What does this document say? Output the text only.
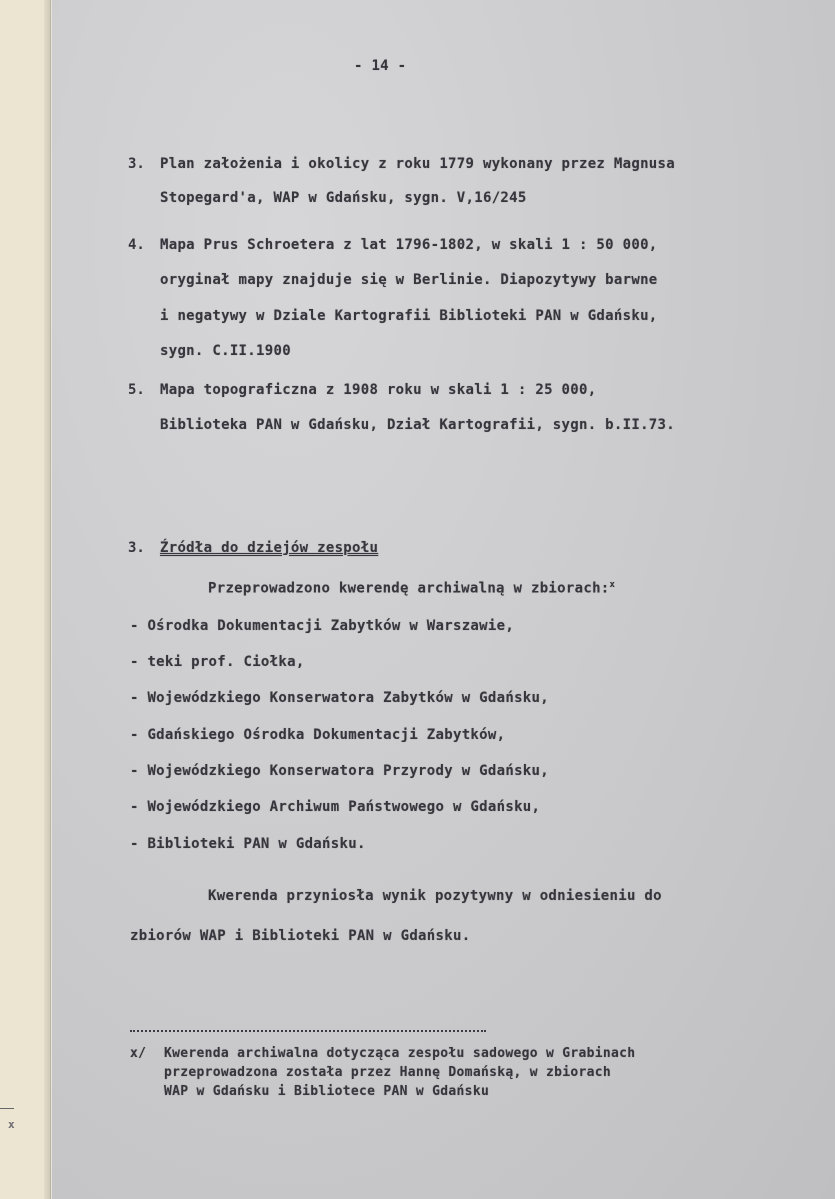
x
- 14 -
3. Plan założenia i okolicy z roku 1779 wykonany przez Magnusa
Stopegard'a, WAP w Gdańsku, sygn. V,16/245
4. Mapa Prus Schroetera z lat 1796-1802, w skali 1 : 50 000,
oryginał mapy znajduje się w Berlinie. Diapozytywy barwne
i negatywy w Dziale Kartografii Biblioteki PAN w Gdańsku,
sygn. C.II.1900
5. Mapa topograficzna z 1908 roku w skali 1 : 25 000,
Biblioteka PAN w Gdańsku, Dział Kartografii, sygn. b.II.73.
3. Źródła do dziejów zespołu
Przeprowadzono kwerendę archiwalną w zbiorach:$^x$
- Ośrodka Dokumentacji Zabytków w Warszawie,
- teki prof. Ciołka,
- Wojewódzkiego Konserwatora Zabytków w Gdańsku,
- Gdańskiego Ośrodka Dokumentacji Zabytków,
- Wojewódzkiego Konserwatora Przyrody w Gdańsku,
- Wojewódzkiego Archiwum Państwowego w Gdańsku,
- Biblioteki PAN w Gdańsku.
Kwerenda przyniosła wynik pozytywny w odniesieniu do
zbiorów WAP i Biblioteki PAN w Gdańsku.
x/ Kwerenda archiwalna dotycząca zespołu sadowego w Grabinach
przeprowadzona została przez Hannę Domańską, w zbiorach
WAP w Gdańsku i Bibliotece PAN w Gdańsku
